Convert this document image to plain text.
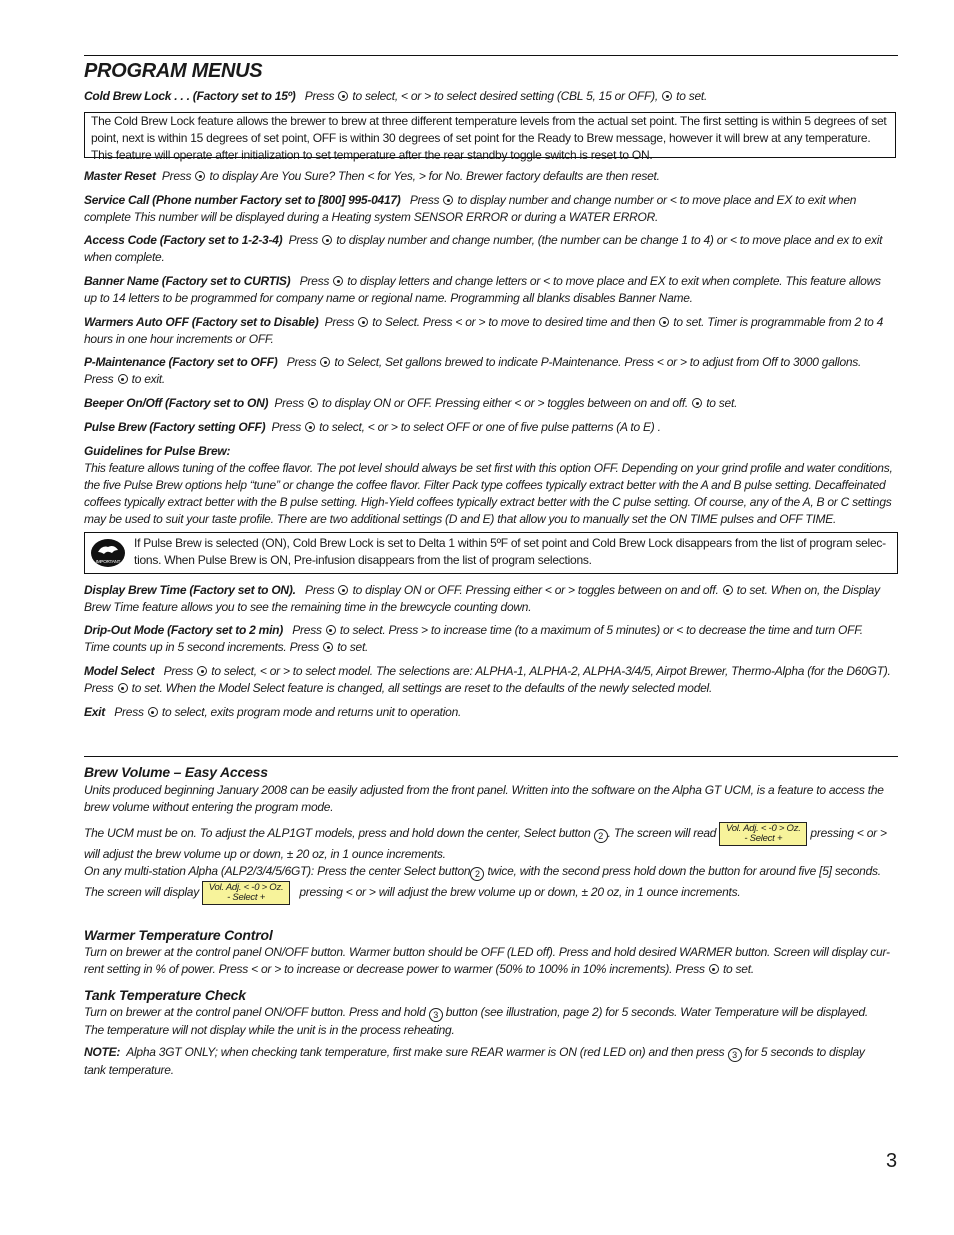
PROGRAM MENUS
Cold Brew Lock . . . (Factory set to 15º) Press to select, < or > to select desired setting (CBL 5, 15 or OFF), to set.
The Cold Brew Lock feature allows the brewer to brew at three different temperature levels from the actual set point. The first setting is within 5 degrees of set
point, next is within 15 degrees of set point, OFF is within 30 degrees of set point for the Ready to Brew message, however it will brew at any temperature.
This feature will operate after initialization to set temperature after the rear standby toggle switch is reset to ON.
Master Reset Press to display Are You Sure? Then < for Yes, > for No. Brewer factory defaults are then reset.
Service Call (Phone number Factory set to [800] 995-0417) Press to display number and change number or < to move place and EX to exit when
complete This number will be displayed during a Heating system SENSOR ERROR or during a WATER ERROR.
Access Code (Factory set to 1-2-3-4) Press to display number and change number, (the number can be change 1 to 4) or < to move place and ex to exit
when complete.
Banner Name (Factory set to CURTIS) Press to display letters and change letters or < to move place and EX to exit when complete. This feature allows
up to 14 letters to be programmed for company name or regional name. Programming all blanks disables Banner Name.
Warmers Auto OFF (Factory set to Disable) Press to Select. Press < or > to move to desired time and then to set. Timer is programmable from 2 to 4
hours in one hour increments or OFF.
P-Maintenance (Factory set to OFF) Press to Select, Set gallons brewed to indicate P-Maintenance. Press < or > to adjust from Off to 3000 gallons.
Press to exit.
Beeper On/Off (Factory set to ON) Press to display ON or OFF. Pressing either < or > toggles between on and off. to set.
Pulse Brew (Factory setting OFF) Press to select, < or > to select OFF or one of five pulse patterns (A to E) .
Guidelines for Pulse Brew:
This feature allows tuning of the coffee flavor. The pot level should always be set first with this option OFF. Depending on your grind profile and water conditions,
the five Pulse Brew options help “tune” or change the coffee flavor. Filter Pack type coffees typically extract better with the A and B pulse setting. Decaffeinated
coffees typically extract better with the B pulse setting. High-Yield coffees typically extract better with the C pulse setting. Of course, any of the A, B or C settings
may be used to suit your taste profile. There are two additional settings (D and E) that allow you to manually set the ON TIME pulses and OFF TIME.
IMPORTANT
If Pulse Brew is selected (ON), Cold Brew Lock is set to Delta 1 within 5ºF of set point and Cold Brew Lock disappears from the list of program selec-
tions. When Pulse Brew is ON, Pre-infusion disappears from the list of program selections.
Display Brew Time (Factory set to ON). Press to display ON or OFF. Pressing either < or > toggles between on and off. to set. When on, the Display
Brew Time feature allows you to see the remaining time in the brewcycle counting down.
Drip-Out Mode (Factory set to 2 min) Press to select. Press > to increase time (to a maximum of 5 minutes) or < to decrease the time and turn OFF.
Time counts up in 5 second increments. Press to set.
Model Select Press to select, < or > to select model. The selections are: ALPHA-1, ALPHA-2, ALPHA-3/4/5, Airpot Brewer, Thermo-Alpha (for the D60GT).
Press to set. When the Model Select feature is changed, all settings are reset to the defaults of the newly selected model.
Exit Press to select, exits program mode and returns unit to operation.
Brew Volume – Easy Access
Units produced beginning January 2008 can be easily adjusted from the front panel. Written into the software on the Alpha GT UCM, is a feature to access the
brew volume without entering the program mode.
The UCM must be on. To adjust the ALP1GT models, press and hold down the center, Select button 2 . The screen will read Vol. Adj. < -0 > Oz.
- Select + pressing < or >
will adjust the brew volume up or down, ± 20 oz, in 1 ounce increments.
On any multi-station Alpha (ALP2/3/4/5/6GT): Press the center Select button 2 twice, with the second press hold down the button for around five [5] seconds.
The screen will display Vol. Adj. < -0 > Oz.
- Select +	pressing < or > will adjust the brew volume up or down, ± 20 oz, in 1 ounce increments.
Warmer Temperature Control
Turn on brewer at the control panel ON/OFF button. Warmer button should be OFF (LED off). Press and hold desired WARMER button. Screen will display cur-
rent setting in % of power. Press < or > to increase or decrease power to warmer (50% to 100% in 10% increments). Press to set.
Tank Temperature Check
Turn on brewer at the control panel ON/OFF button. Press and hold 3 button (see illustration, page 2) for 5 seconds. Water Temperature will be displayed.
The temperature will not display while the unit is in the process reheating.
NOTE: Alpha 3GT ONLY; when checking tank temperature, first make sure REAR warmer is ON (red LED on) and then press 3 for 5 seconds to display
tank temperature.
3
